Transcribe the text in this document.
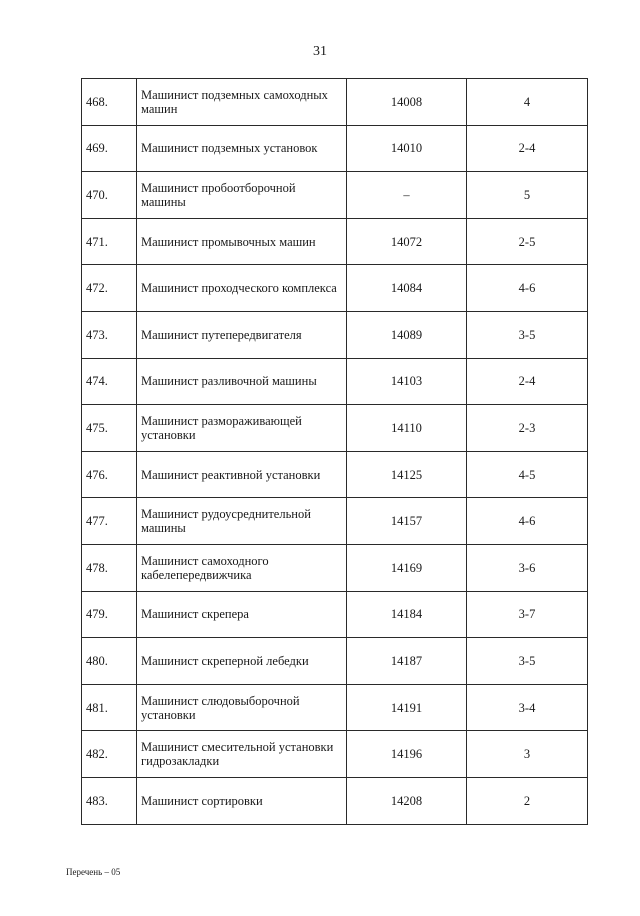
31
468.	Машинист подземных самоходных машин	14008	4
469.	Машинист подземных установок	14010	2-4
470.	Машинист пробоотборочной машины	–	5
471.	Машинист промывочных машин	14072	2-5
472.	Машинист проходческого комплекса	14084	4-6
473.	Машинист путепередвигателя	14089	3-5
474.	Машинист разливочной машины	14103	2-4
475.	Машинист размораживающей установки	14110	2-3
476.	Машинист реактивной установки	14125	4-5
477.	Машинист рудоусреднительной машины	14157	4-6
478.	Машинист самоходного кабелепередвижчика	14169	3-6
479.	Машинист скрепера	14184	3-7
480.	Машинист скреперной лебедки	14187	3-5
481.	Машинист слюдовыборочной установки	14191	3-4
482.	Машинист смесительной установки гидрозакладки	14196	3
483.	Машинист сортировки	14208	2
Перечень – 05
